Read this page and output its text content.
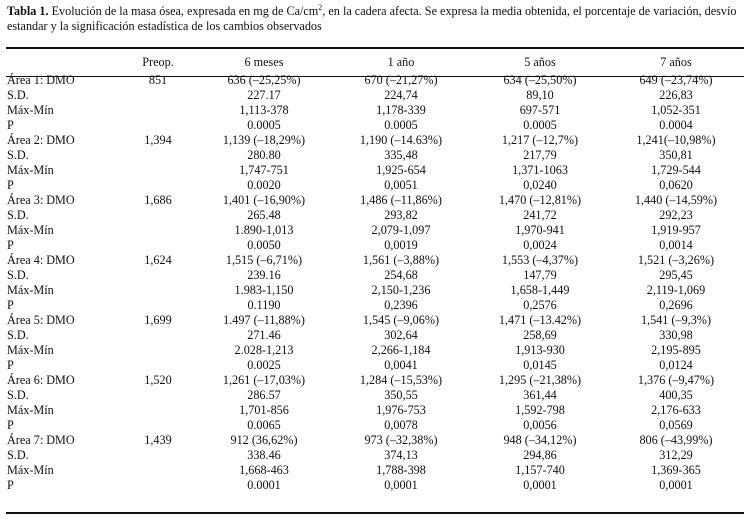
Tabla 1. Evolución de la masa ósea, expresada en mg de $Ca/cm^2$, en la cadera afecta. Se expresa la media obtenida, el porcentaje de variación, desvío estandar y la significación estadística de los cambios observados
	Preop.	6 meses	1 año	5 años	7 años
Área 1: DMO	851	636 (–25,25%)	670 (–21,27%)	634 (–25,50%)	649 (–23,74%)
S.D.		227.17	224,74	89,10	226,83
Máx-Mín		1,113-378	1,178-339	697-571	1,052-351
P		0.0005	0.0005	0.0005	0.0004
Área 2: DMO	1,394	1,139 (–18,29%)	1,190 (–14.63%)	1,217 (–12,7%)	1,241(–10,98%)
S.D.		280.80	335,48	217,79	350,81
Máx-Mín		1,747-751	1,925-654	1,371-1063	1,729-544
P		0.0020	0,0051	0,0240	0,0620
Área 3: DMO	1,686	1,401 (–16,90%)	1,486 (–11,86%)	1,470 (–12,81%)	1,440 (–14,59%)
S.D.		265.48	293,82	241,72	292,23
Máx-Mín		1.890-1,013	2,079-1,097	1,970-941	1,919-957
P		0.0050	0,0019	0,0024	0,0014
Área 4: DMO	1,624	1,515 (–6,71%)	1,561 (–3,88%)	1,553 (–4,37%)	1,521 (–3,26%)
S.D.		239.16	254,68	147,79	295,45
Máx-Mín		1.983-1,150	2,150-1,236	1,658-1,449	2,119-1,069
P		0.1190	0,2396	0,2576	0,2696
Área 5: DMO	1,699	1.497 (–11,88%)	1,545 (–9,06%)	1,471 (–13.42%)	1,541 (–9,3%)
S.D.		271.46	302,64	258,69	330,98
Máx-Mín		2.028-1,213	2,266-1,184	1,913-930	2,195-895
P		0.0025	0,0041	0,0145	0,0124
Área 6: DMO	1,520	1,261 (–17,03%)	1,284 (–15,53%)	1,295 (–21,38%)	1,376 (–9,47%)
S.D.		286.57	350,55	361,44	400,35
Máx-Mín		1,701-856	1,976-753	1,592-798	2,176-633
P		0.0065	0,0078	0,0056	0,0569
Área 7: DMO	1,439	912 (36,62%)	973 (–32,38%)	948 (–34,12%)	806 (–43,99%)
S.D.		338.46	374,13	294,86	312,29
Máx-Mín		1,668-463	1,788-398	1,157-740	1,369-365
P		0.0001	0,0001	0,0001	0,0001
